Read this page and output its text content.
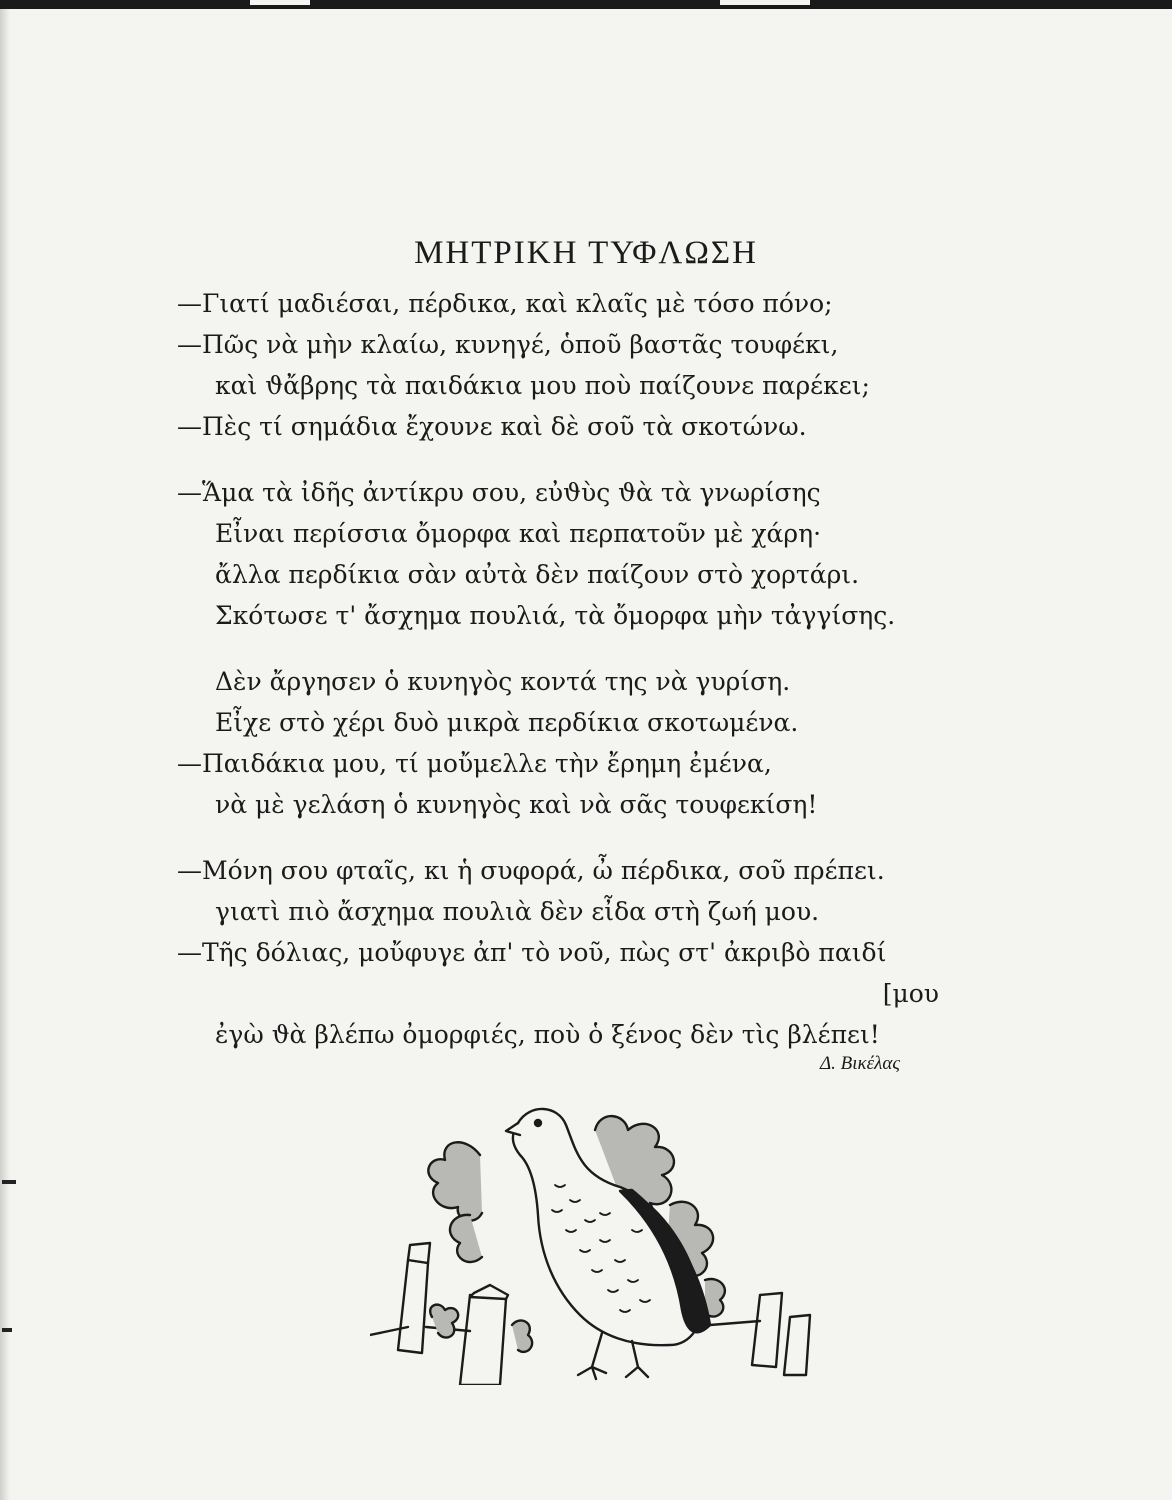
ΜΗΤΡΙΚΗ ΤΥΦΛΩΣΗ
—Γιατί μαδιέσαι, πέρδικα, καὶ κλαῖς μὲ τόσο πόνο;
—Πῶς νὰ μὴν κλαίω, κυνηγέ, ὁποῦ βαστᾶς τουφέκι,
καὶ ϑἄβρης τὰ παιδάκια μου ποὺ παίζουνε παρέκει;
—Πὲς τί σημάδια ἔχουνε καὶ δὲ σοῦ τὰ σκοτώνω.
—Ἅμα τὰ ἰδῆς ἀντίκρυ σου, εὐϑὺς ϑὰ τὰ γνωρίσης
Εἶναι περίσσια ὄμορφα καὶ περπατοῦν μὲ χάρη·
ἄλλα περδίκια σὰν αὐτὰ δὲν παίζουν στὸ χορτάρι.
Σκότωσε τ' ἄσχημα πουλιά, τὰ ὄμορφα μὴν τἀγγίσης.
Δὲν ἄργησεν ὁ κυνηγὸς κοντά της νὰ γυρίση.
Εἶχε στὸ χέρι δυὸ μικρὰ περδίκια σκοτωμένα.
—Παιδάκια μου, τί μοὔμελλε τὴν ἔρημη ἐμένα,
νὰ μὲ γελάση ὁ κυνηγὸς καὶ νὰ σᾶς τουφεκίση!
—Μόνη σου φταῖς, κι ἡ συφορά, ὦ πέρδικα, σοῦ πρέπει.
γιατὶ πιὸ ἄσχημα πουλιὰ δὲν εἶδα στὴ ζωή μου.
—Τῆς δόλιας, μοὔφυγε ἀπ' τὸ νοῦ, πὼς στ' ἀκριβὸ παιδί
[μου
ἐγὼ ϑὰ βλέπω ὀμορφιές, ποὺ ὁ ξένος δὲν τὶς βλέπει!
Δ. Βικέλας
